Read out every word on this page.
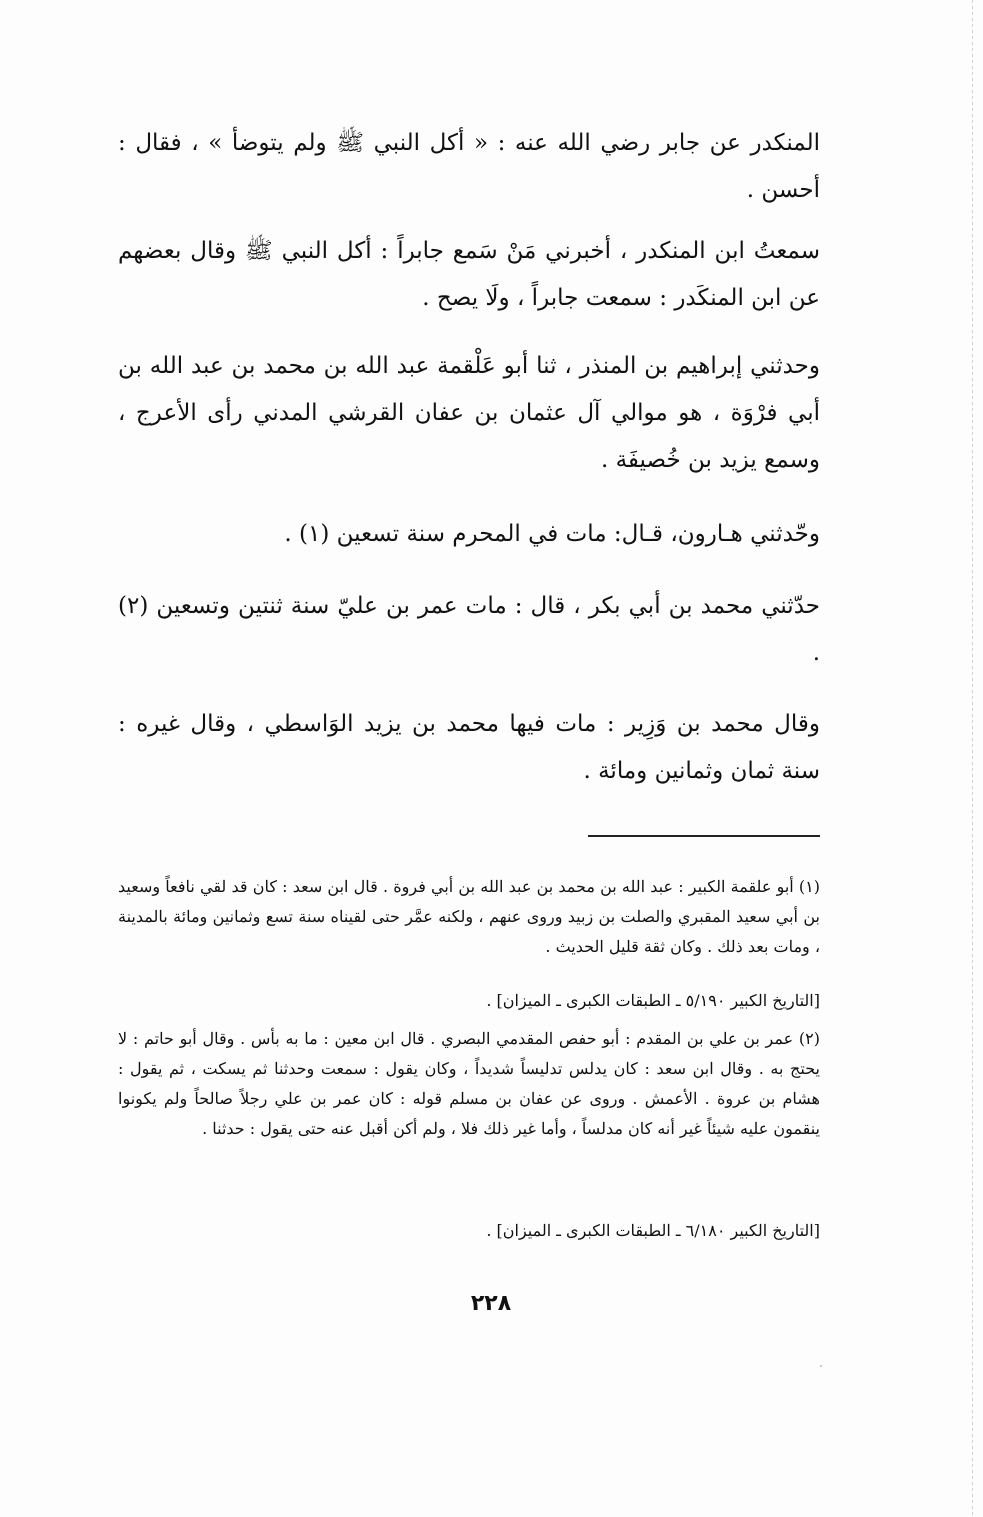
المنكدر عن جابر رضي الله عنه : « أكل النبي ﷺ ولم يتوضأ » ، فقال : أحسن .

سمعتُ ابن المنكدر ، أخبرني مَنْ سَمع جابراً : أكل النبي ﷺ وقال بعضهم عن ابن المنكَدر : سمعت جابراً ، ولَا يصح .

وحدثني إبراهيم بن المنذر ، ثنا أبو عَلْقمة عبد الله بن محمد بن عبد الله بن أبي فرْوَة ، هو موالي آل عثمان بن عفان القرشي المدني رأى الأعرج ، وسمع يزيد بن خُصيفَة .

وحّدثني هـارون، قـال: مات في المحرم سنة تسعين (١) .

حدّثني محمد بن أبي بكر ، قال : مات عمر بن عليّ سنة ثنتين وتسعين (٢) .

وقال محمد بن وَزِير : مات فيها محمد بن يزيد الوَاسطي ، وقال غيره : سنة ثمان وثمانين ومائة .

(١) أبو علقمة الكبير : عبد الله بن محمد بن عبد الله بن أبي فروة . قال ابن سعد : كان قد لقي نافعاً وسعيد بن أبي سعيد المقبري والصلت بن زبيد وروى عنهم ، ولكنه عمَّر حتى لقيناه سنة تسع وثمانين ومائة بالمدينة ، ومات بعد ذلك . وكان ثقة قليل الحديث .

[التاريخ الكبير ٥/١٩٠ ـ الطبقات الكبرى ـ الميزان] .

(٢) عمر بن علي بن المقدم : أبو حفص المقدمي البصري . قال ابن معين : ما به بأس . وقال أبو حاتم : لا يحتج به . وقال ابن سعد : كان يدلس تدليساً شديداً ، وكان يقول : سمعت وحدثنا ثم يسكت ، ثم يقول : هشام بن عروة . الأعمش . وروى عن عفان بن مسلم قوله : كان عمر بن علي رجلاً صالحاً ولم يكونوا ينقمون عليه شيئاً غير أنه كان مدلساً ، وأما غير ذلك فلا ، ولم أكن أقبل عنه حتى يقول : حدثنا .

[التاريخ الكبير ٦/١٨٠ ـ الطبقات الكبرى ـ الميزان] .

٢٢٨
